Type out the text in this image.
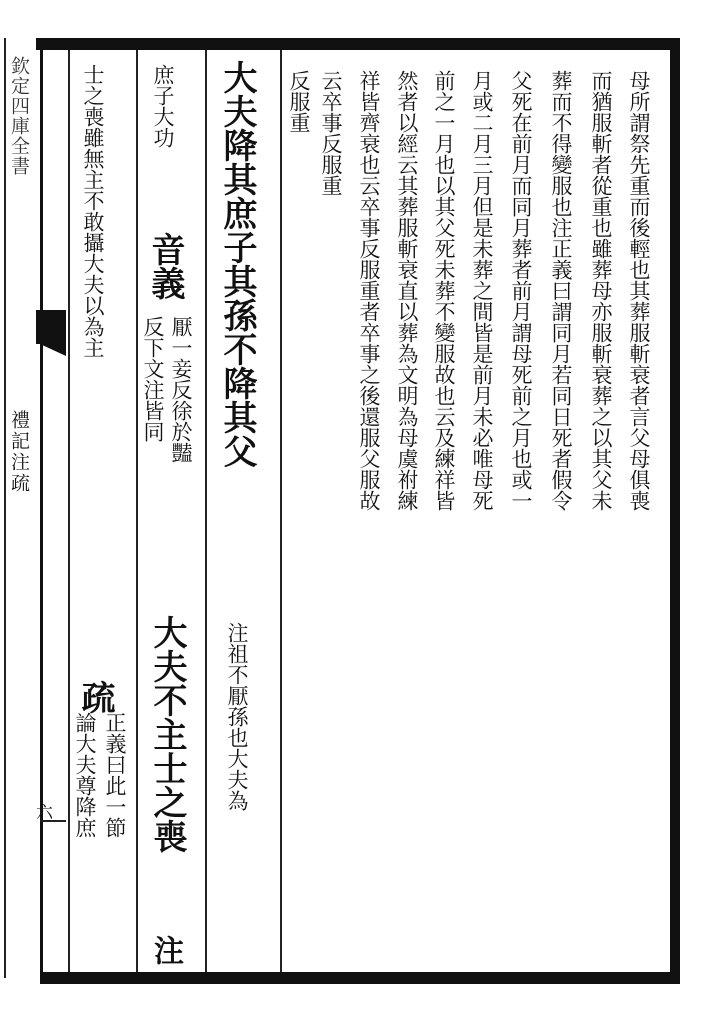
欽定四庫全書
禮記注疏
六
母所謂祭先重而後輕也其葬服斬衰者言父母俱喪
而猶服斬者從重也雖葬母亦服斬衰葬之以其父未
葬而不得變服也注正義曰謂同月若同日死者假令
父死在前月而同月葬者前月謂母死前之月也或一
月或二月三月但是未葬之間皆是前月未必唯母死
前之一月也以其父死未葬不變服故也云及練祥皆
然者以經云其葬服斬衰直以葬為文明為母虞祔練
祥皆齊衰也云卒事反服重者卒事之後還服父服故
云卒事反服重
反服重
大夫降其庶子其孫不降其父
注祖不厭孫也大夫為
庶子大功
音義
厭一妾反徐於豔
反下文注皆同
大夫不主士之喪
注
士之喪雖無主不敢攝大夫以為主
疏
正義曰此一節
論大夫尊降庶
